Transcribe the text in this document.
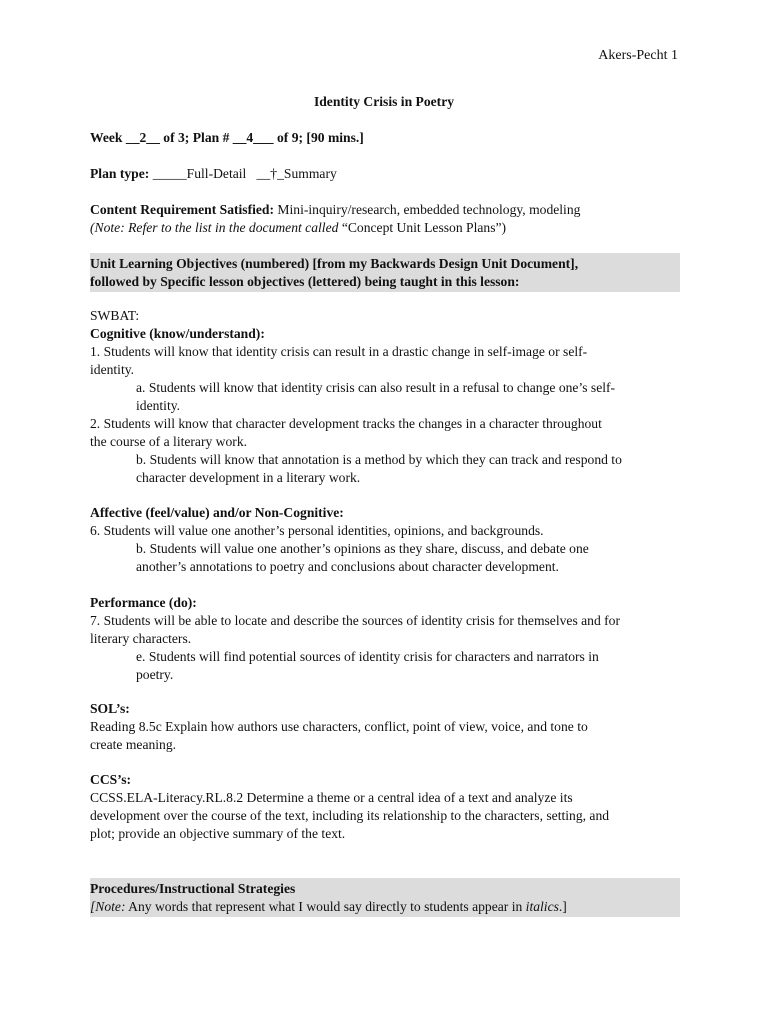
Akers-Pecht 1
Identity Crisis in Poetry

Week __2__ of 3; Plan # __4___ of 9; [90 mins.]

Plan type: _____Full-Detail __†_Summary

Content Requirement Satisfied: Mini-inquiry/research, embedded technology, modeling

(Note: Refer to the list in the document called “Concept Unit Lesson Plans”)

Unit Learning Objectives (numbered) [from my Backwards Design Unit Document],

followed by Specific lesson objectives (lettered) being taught in this lesson:

SWBAT:

Cognitive (know/understand):

1. Students will know that identity crisis can result in a drastic change in self-image or self-

identity.

a. Students will know that identity crisis can also result in a refusal to change one’s self-

identity.

2. Students will know that character development tracks the changes in a character throughout

the course of a literary work.

b. Students will know that annotation is a method by which they can track and respond to

character development in a literary work.

Affective (feel/value) and/or Non-Cognitive:

6. Students will value one another’s personal identities, opinions, and backgrounds.

b. Students will value one another’s opinions as they share, discuss, and debate one

another’s annotations to poetry and conclusions about character development.

Performance (do):

7. Students will be able to locate and describe the sources of identity crisis for themselves and for

literary characters.

e. Students will find potential sources of identity crisis for characters and narrators in

poetry.

SOL’s:

Reading 8.5c Explain how authors use characters, conflict, point of view, voice, and tone to

create meaning.

CCS’s:

CCSS.ELA-Literacy.RL.8.2 Determine a theme or a central idea of a text and analyze its

development over the course of the text, including its relationship to the characters, setting, and

plot; provide an objective summary of the text.

Procedures/Instructional Strategies

[Note: Any words that represent what I would say directly to students appear in italics.]
